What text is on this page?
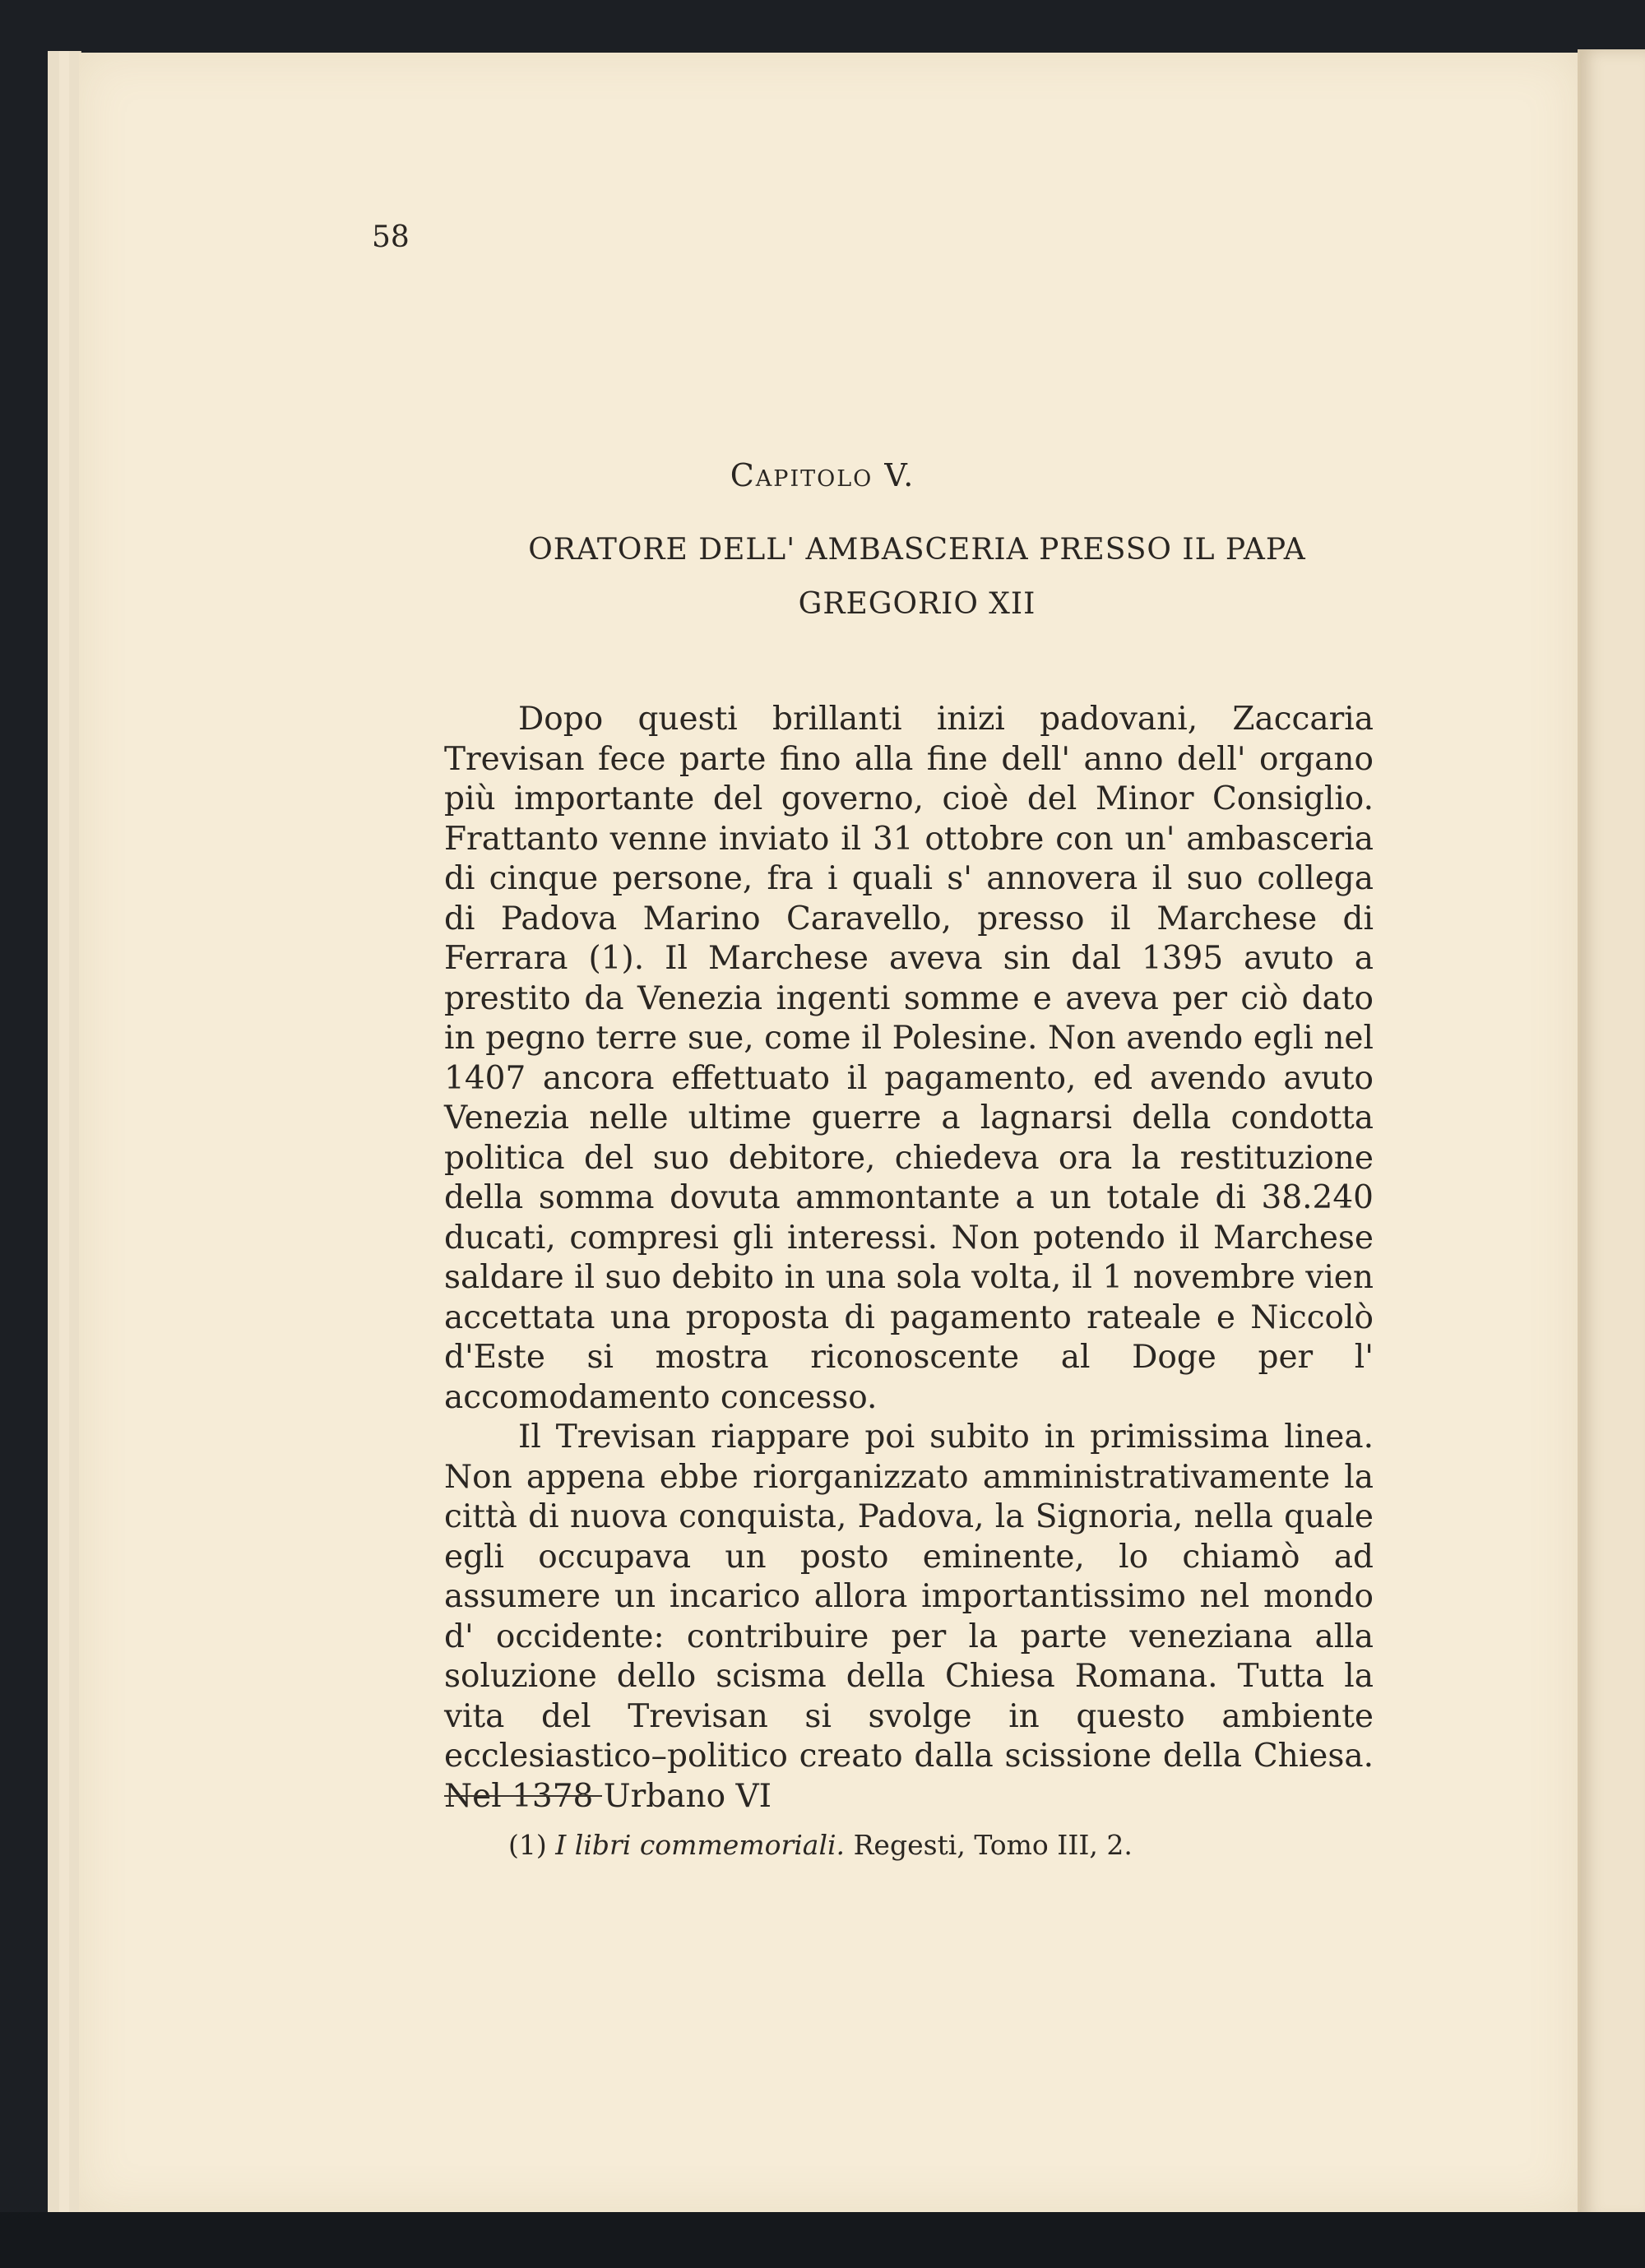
58

Capitolo V.

ORATORE DELL' AMBASCERIA PRESSO IL PAPA
GREGORIO XII

Dopo questi brillanti inizi padovani, Zaccaria Trevisan fece parte fino alla fine dell' anno dell' organo più importante del governo, cioè del Minor Consiglio. Frattanto venne inviato il 31 ottobre con un' ambasceria di cinque persone, fra i quali s' annovera il suo collega di Padova Marino Caravello, presso il Marchese di Ferrara (1). Il Marchese aveva sin dal 1395 avuto a prestito da Venezia ingenti somme e aveva per ciò dato in pegno terre sue, come il Polesine. Non avendo egli nel 1407 ancora effettuato il pagamento, ed avendo avuto Venezia nelle ultime guerre a lagnarsi della condotta politica del suo debitore, chiedeva ora la restituzione della somma dovuta ammontante a un totale di 38.240 ducati, compresi gli interessi. Non potendo il Marchese saldare il suo debito in una sola volta, il 1 novembre vien accettata una proposta di pagamento rateale e Niccolò d'Este si mostra riconoscente al Doge per l' accomodamento concesso.

Il Trevisan riappare poi subito in primissima linea. Non appena ebbe riorganizzato amministrativamente la città di nuova conquista, Padova, la Signoria, nella quale egli occupava un posto eminente, lo chiamò ad assumere un incarico allora importantissimo nel mondo d' occidente: contribuire per la parte veneziana alla soluzione dello scisma della Chiesa Romana. Tutta la vita del Trevisan si svolge in questo ambiente ecclesiastico–politico creato dalla scissione della Chiesa. Nel 1378 Urbano VI

(1) I libri commemoriali. Regesti, Tomo III, 2.
